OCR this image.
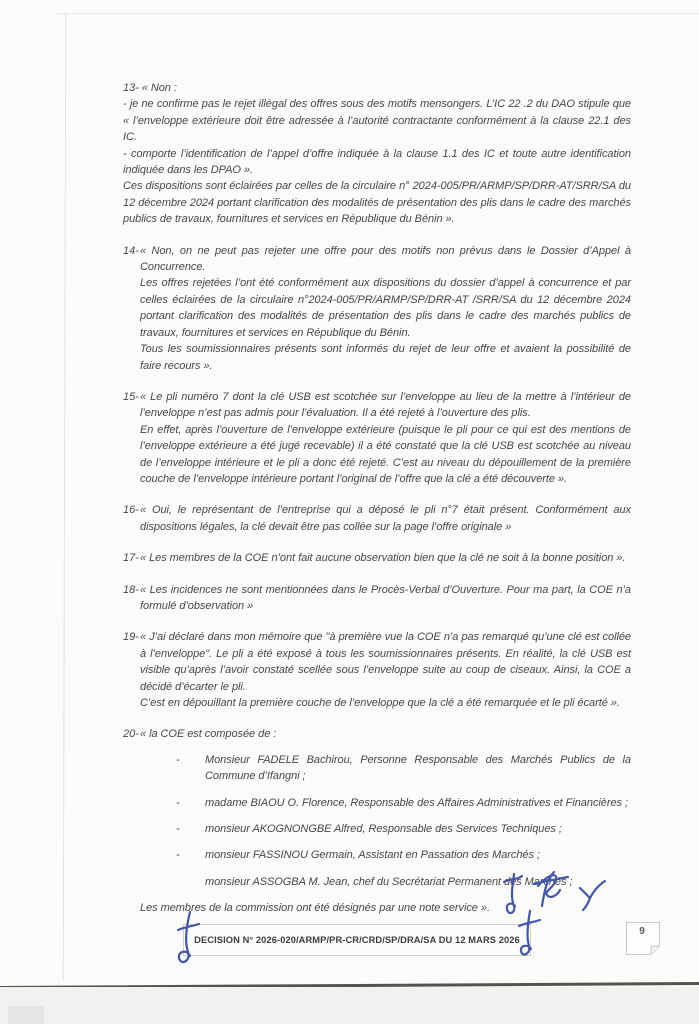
13- « Non :

- je ne confirme pas le rejet illégal des offres sous des motifs mensongers. L’IC 22 .2 du DAO stipule que « l’enveloppe extérieure doit être adressée à l’autorité contractante conformément à la clause 22.1 des IC.

- comporte l’identification de l’appel d’offre indiquée à la clause 1.1 des IC et toute autre identification indiquée dans les DPAO ».

Ces dispositions sont éclairées par celles de la circulaire n° 2024-005/PR/ARMP/SP/DRR-AT/SRR/SA du 12 décembre 2024 portant clarification des modalités de présentation des plis dans le cadre des marchés publics de travaux, fournitures et services en République du Bénin ».

14- « Non, on ne peut pas rejeter une offre pour des motifs non prévus dans le Dossier d’Appel à Concurrence.

Les offres rejetées l’ont été conformément aux dispositions du dossier d’appel à concurrence et par celles éclairées de la circulaire n°2024-005/PR/ARMP/SP/DRR-AT /SRR/SA du 12 décembre 2024 portant clarification des modalités de présentation des plis dans le cadre des marchés publics de travaux, fournitures et services en République du Bénin.

Tous les soumissionnaires présents sont informés du rejet de leur offre et avaient la possibilité de faire recours ».

15- « Le pli numéro 7 dont la clé USB est scotchée sur l’enveloppe au lieu de la mettre à l’intérieur de l’enveloppe n’est pas admis pour l’évaluation. Il a été rejeté à l’ouverture des plis.

En effet, après l’ouverture de l’enveloppe extérieure (puisque le pli pour ce qui est des mentions de l’enveloppe extérieure a été jugé recevable) il a été constaté que la clé USB est scotchée au niveau de l’enveloppe intérieure et le pli a donc été rejeté. C’est au niveau du dépouillement de la première couche de l’enveloppe intérieure portant l’original de l’offre que la clé a été découverte ».

16- « Oui, le représentant de l’entreprise qui a déposé le pli n°7 était présent. Conformément aux dispositions légales, la clé devait être pas collée sur la page l’offre originale »

17- « Les membres de la COE n’ont fait aucune observation bien que la clé ne soit à la bonne position ».

18- « Les incidences ne sont mentionnées dans le Procès-Verbal d’Ouverture. Pour ma part, la COE n’a formulé d’observation »

19- « J’ai déclaré dans mon mémoire que "à première vue la COE n’a pas remarqué qu’une clé est collée à l’enveloppe". Le pli a été exposé à tous les soumissionnaires présents. En réalité, la clé USB est visible qu’après l’avoir constaté scellée sous l’enveloppe suite au coup de ciseaux. Ainsi, la COE a décidé d’écarter le pli.

C’est en dépouillant la première couche de l’enveloppe que la clé a été remarquée et le pli écarté ».

20- « la COE est composée de :

- Monsieur FADELE Bachirou, Personne Responsable des Marchés Publics de la Commune d’Ifangni ;

- madame BIAOU O. Florence, Responsable des Affaires Administratives et Financières ;

- monsieur AKOGNONGBE Alfred, Responsable des Services Techniques ;

- monsieur FASSINOU Germain, Assistant en Passation des Marchés ;

monsieur ASSOGBA M. Jean, chef du Secrétariat Permanent des Marchés ;

Les membres de la commission ont été désignés par une note service ».

DECISION N° 2026-020/ARMP/PR-CR/CRD/SP/DRA/SA DU 12 MARS 2026
9
